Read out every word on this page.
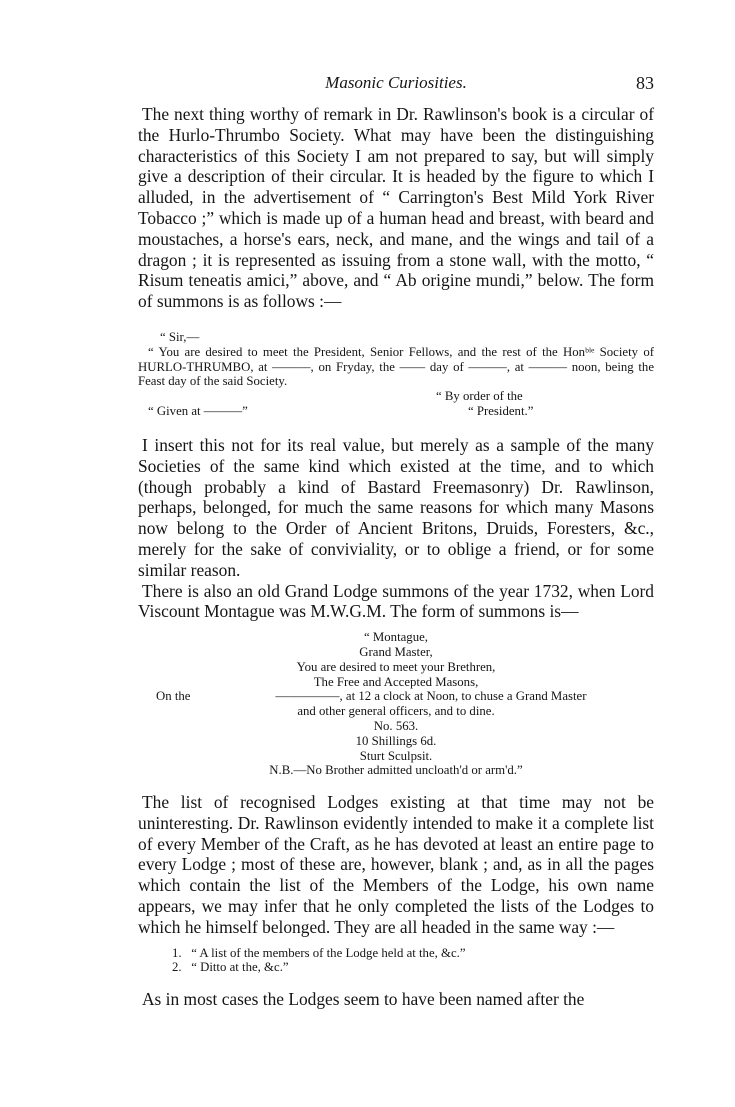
Masonic Curiosities.	83

The next thing worthy of remark in Dr. Rawlinson's book is a circular of the Hurlo-Thrumbo Society. What may have been the distinguishing characteristics of this Society I am not prepared to say, but will simply give a description of their circular. It is headed by the figure to which I alluded, in the advertisement of “ Carrington's Best Mild York River Tobacco ;” which is made up of a human head and breast, with beard and moustaches, a horse's ears, neck, and mane, and the wings and tail of a dragon ; it is represented as issuing from a stone wall, with the motto, “ Risum teneatis amici,” above, and “ Ab origine mundi,” below. The form of summons is as follows :—

“ Sir,—
“ You are desired to meet the President, Senior Fellows, and the rest of the Honᵇˡᵉ Society of HURLO-THRUMBO, at ———, on Fryday, the —— day of ———, at ——— noon, being the Feast day of the said Society.
“ By order of the
“ Given at ———”	“ President.”

I insert this not for its real value, but merely as a sample of the many Societies of the same kind which existed at the time, and to which (though probably a kind of Bastard Freemasonry) Dr. Rawlinson, perhaps, belonged, for much the same reasons for which many Masons now belong to the Order of Ancient Britons, Druids, Foresters, &c., merely for the sake of conviviality, or to oblige a friend, or for some similar reason.

There is also an old Grand Lodge summons of the year 1732, when Lord Viscount Montague was M.W.G.M. The form of summons is—

“ Montague,
Grand Master,
You are desired to meet your Brethren,
The Free and Accepted Masons,
On the	—————, at 12 a clock at Noon, to chuse a Grand Master
and other general officers, and to dine.
No. 563.
10 Shillings 6d.
Sturt Sculpsit.
N.B.—No Brother admitted uncloath'd or arm'd.”

The list of recognised Lodges existing at that time may not be uninteresting. Dr. Rawlinson evidently intended to make it a complete list of every Member of the Craft, as he has devoted at least an entire page to every Lodge ; most of these are, however, blank ; and, as in all the pages which contain the list of the Members of the Lodge, his own name appears, we may infer that he only completed the lists of the Lodges to which he himself belonged. They are all headed in the same way :—

1. “ A list of the members of the Lodge held at the, &c.”
2. “ Ditto at the, &c.”

As in most cases the Lodges seem to have been named after the
